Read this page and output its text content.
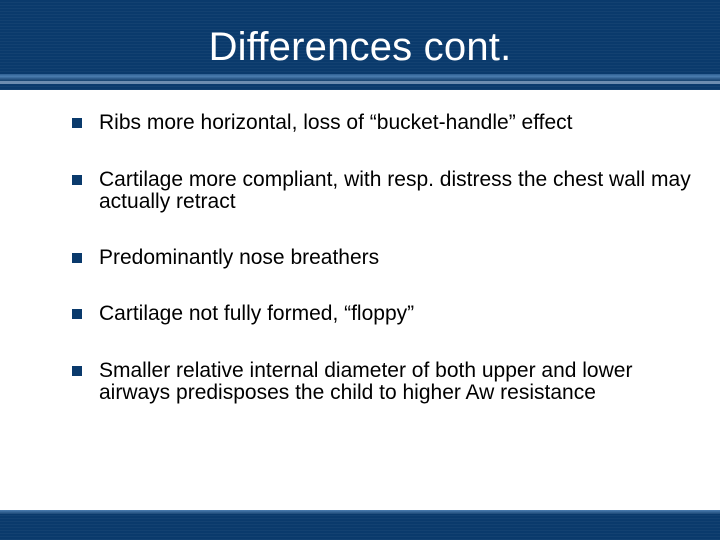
Differences cont.
Ribs more horizontal, loss of “bucket-handle” effect
Cartilage more compliant, with resp. distress the chest wall may actually retract
Predominantly nose breathers
Cartilage not fully formed, “floppy”
Smaller relative internal diameter of both upper and lower airways predisposes the child to higher Aw resistance
